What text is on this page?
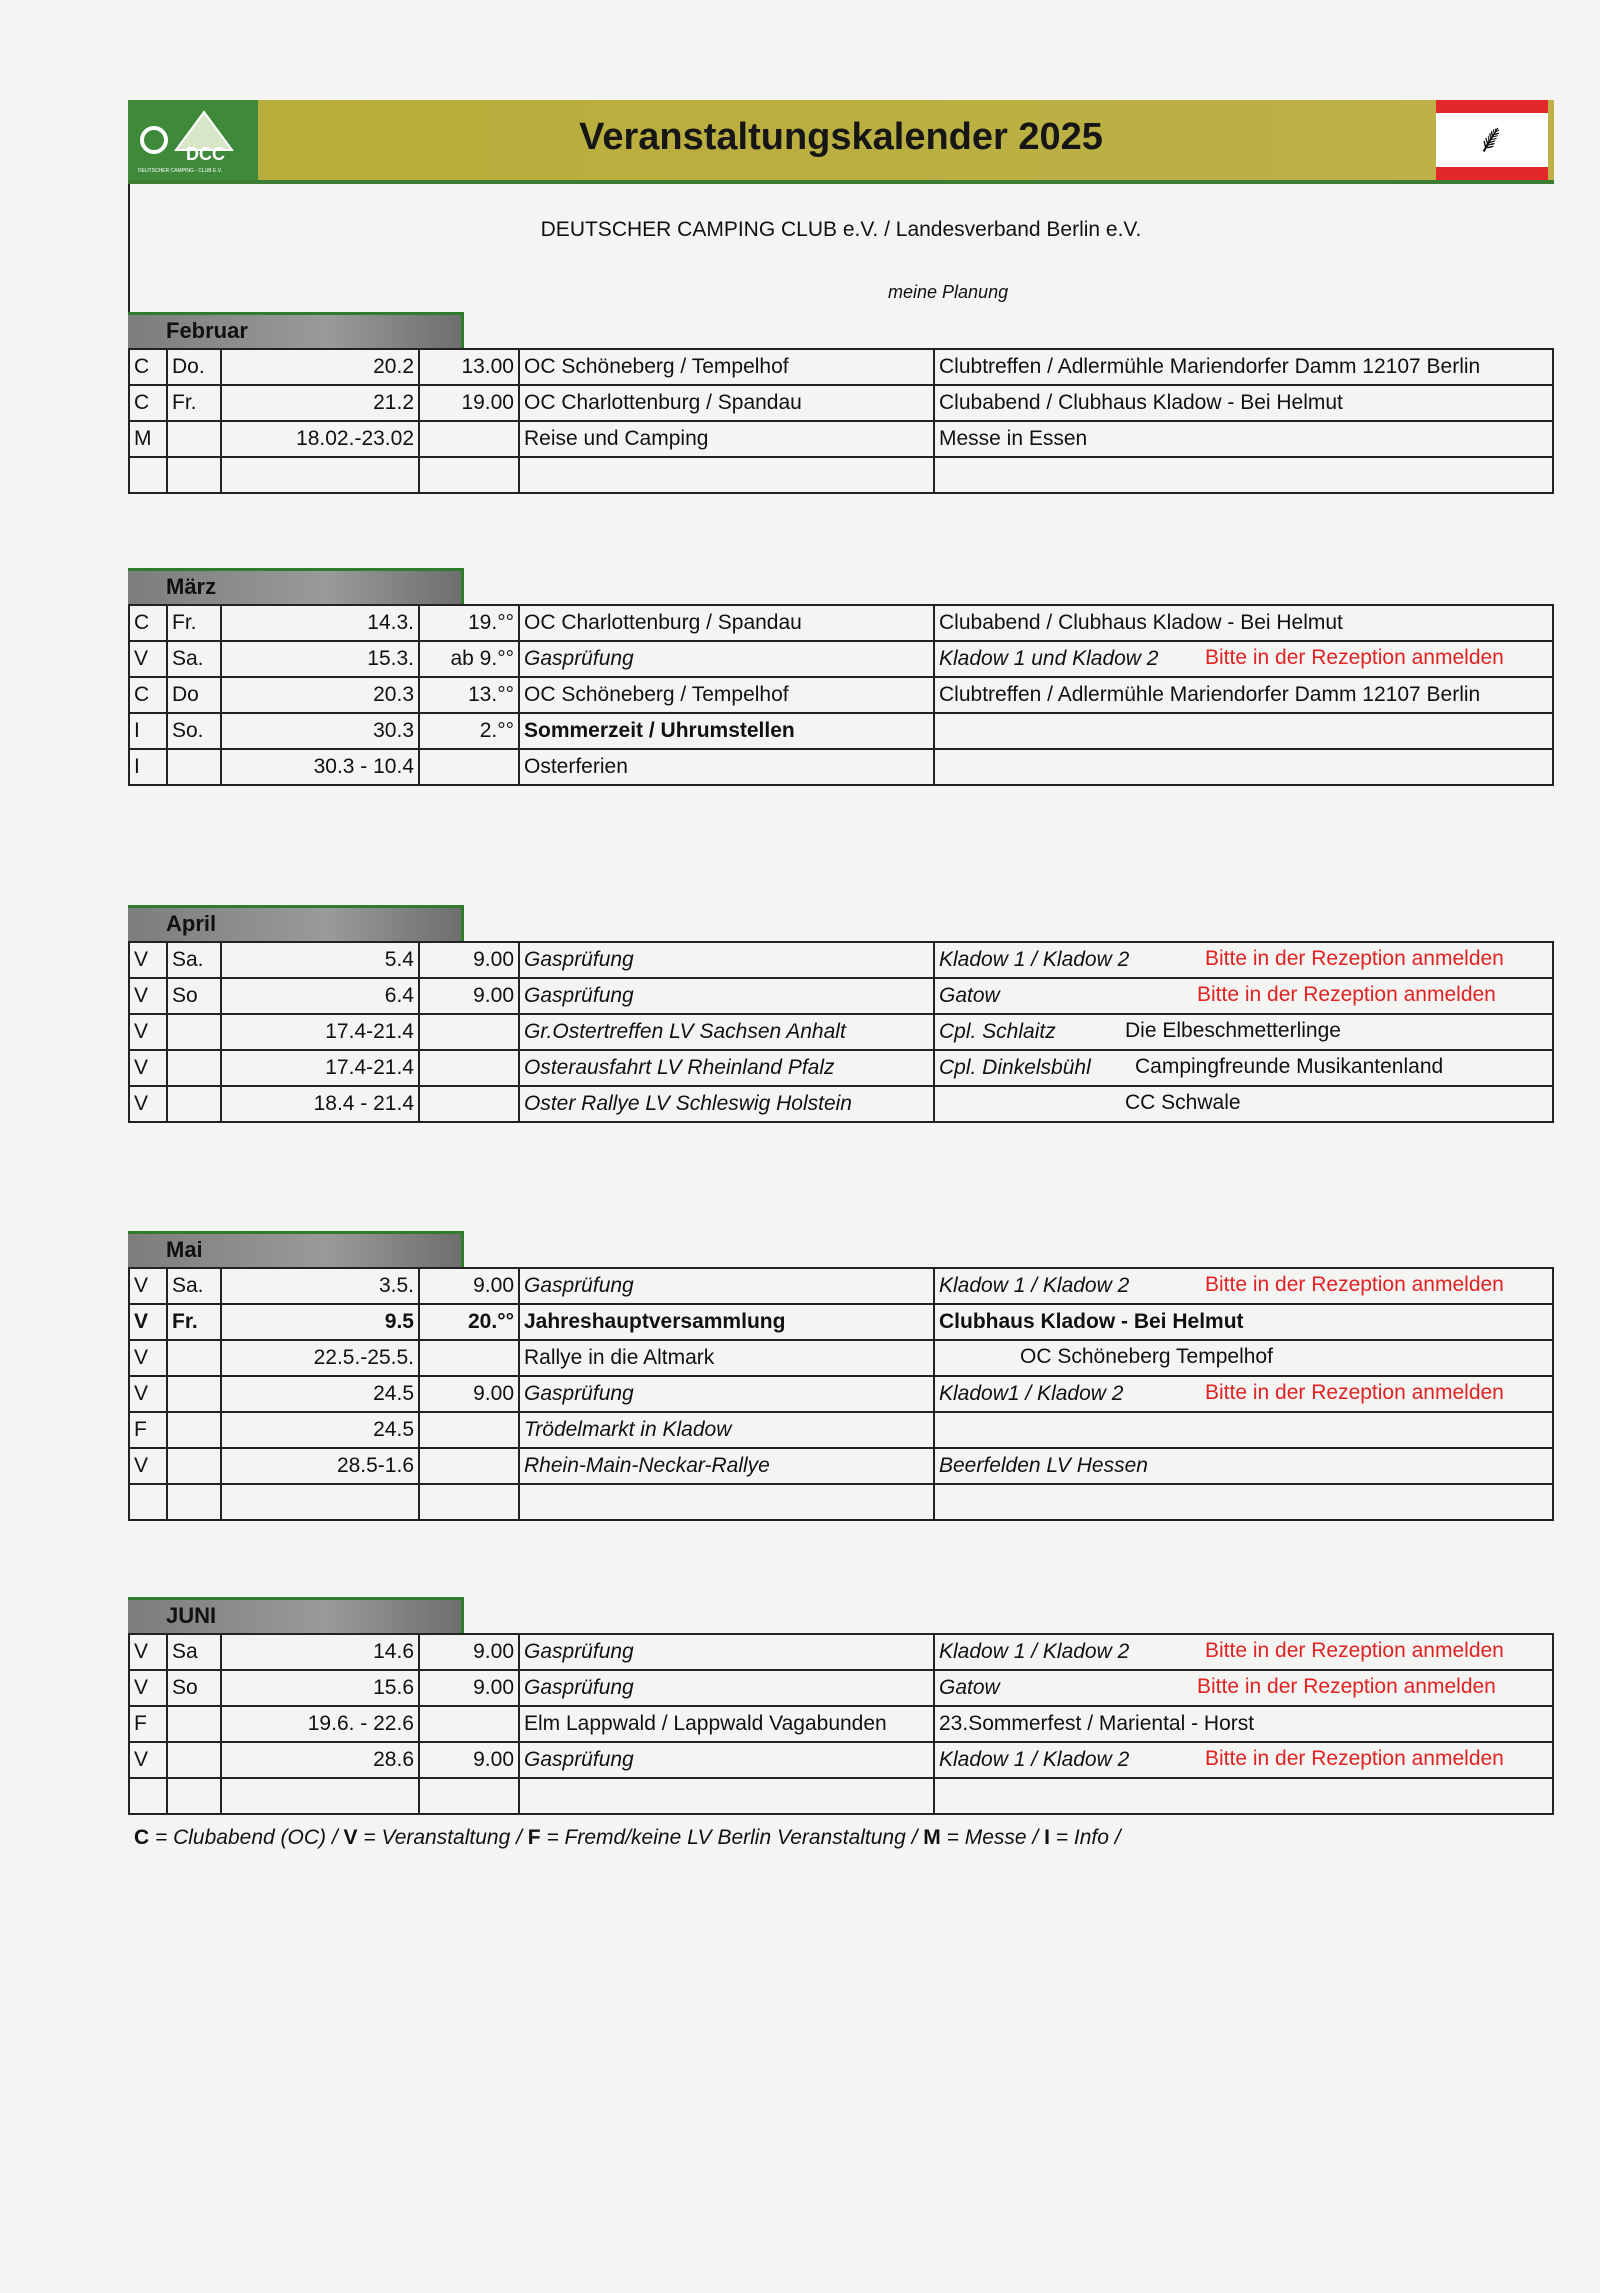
DCC
DEUTSCHER CAMPING - CLUB E.V.
Veranstaltungskalender 2025	⸙
DEUTSCHER CAMPING CLUB e.V. / Landesverband Berlin e.V.
meine Planung
Februar
C	Do.	20.2	13.00	OC Schöneberg / Tempelhof	Clubtreffen / Adlermühle Mariendorfer Damm 12107 Berlin

C	Fr.	21.2	19.00	OC Charlottenburg / Spandau	Clubabend / Clubhaus Kladow - Bei Helmut

M		18.02.-23.02		Reise und Camping	Messe in Essen

März
C	Fr.	14.3.	19.°°	OC Charlottenburg / Spandau	Clubabend / Clubhaus Kladow - Bei Helmut

V	Sa.	15.3.	ab 9.°°	Gasprüfung	Kladow 1 und Kladow 2 Bitte in der Rezeption anmelden

C	Do	20.3	13.°°	OC Schöneberg / Tempelhof	Clubtreffen / Adlermühle Mariendorfer Damm 12107 Berlin

I	So.	30.3	2.°°	Sommerzeit / Uhrumstellen	

I		30.3 - 10.4		Osterferien	
April
V	Sa.	5.4	9.00	Gasprüfung	Kladow 1 / Kladow 2 Bitte in der Rezeption anmelden

V	So	6.4	9.00	Gasprüfung	Gatow Bitte in der Rezeption anmelden

V		17.4-21.4		Gr.Ostertreffen LV Sachsen Anhalt	Cpl. Schlaitz Die Elbeschmetterlinge

V		17.4-21.4		Osterausfahrt LV Rheinland Pfalz	Cpl. Dinkelsbühl Campingfreunde Musikantenland

V		18.4 - 21.4		Oster Rallye LV Schleswig Holstein	CC Schwale
Mai
V	Sa.	3.5.	9.00	Gasprüfung	Kladow 1 / Kladow 2 Bitte in der Rezeption anmelden

V	Fr.	9.5	20.°°	Jahreshauptversammlung	Clubhaus Kladow - Bei Helmut

V		22.5.-25.5.		Rallye in die Altmark	OC Schöneberg Tempelhof

V		24.5	9.00	Gasprüfung	Kladow1 / Kladow 2 Bitte in der Rezeption anmelden

F		24.5		Trödelmarkt in Kladow	

V		28.5-1.6		Rhein-Main-Neckar-Rallye	Beerfelden LV Hessen

JUNI
V	Sa	14.6	9.00	Gasprüfung	Kladow 1 / Kladow 2 Bitte in der Rezeption anmelden

V	So	15.6	9.00	Gasprüfung	Gatow Bitte in der Rezeption anmelden

F		19.6. - 22.6		Elm Lappwald / Lappwald Vagabunden	23.Sommerfest / Mariental - Horst

V		28.6	9.00	Gasprüfung	Kladow 1 / Kladow 2 Bitte in der Rezeption anmelden

C = Clubabend (OC) / V = Veranstaltung / F = Fremd/keine LV Berlin Veranstaltung / M = Messe / I = Info /
